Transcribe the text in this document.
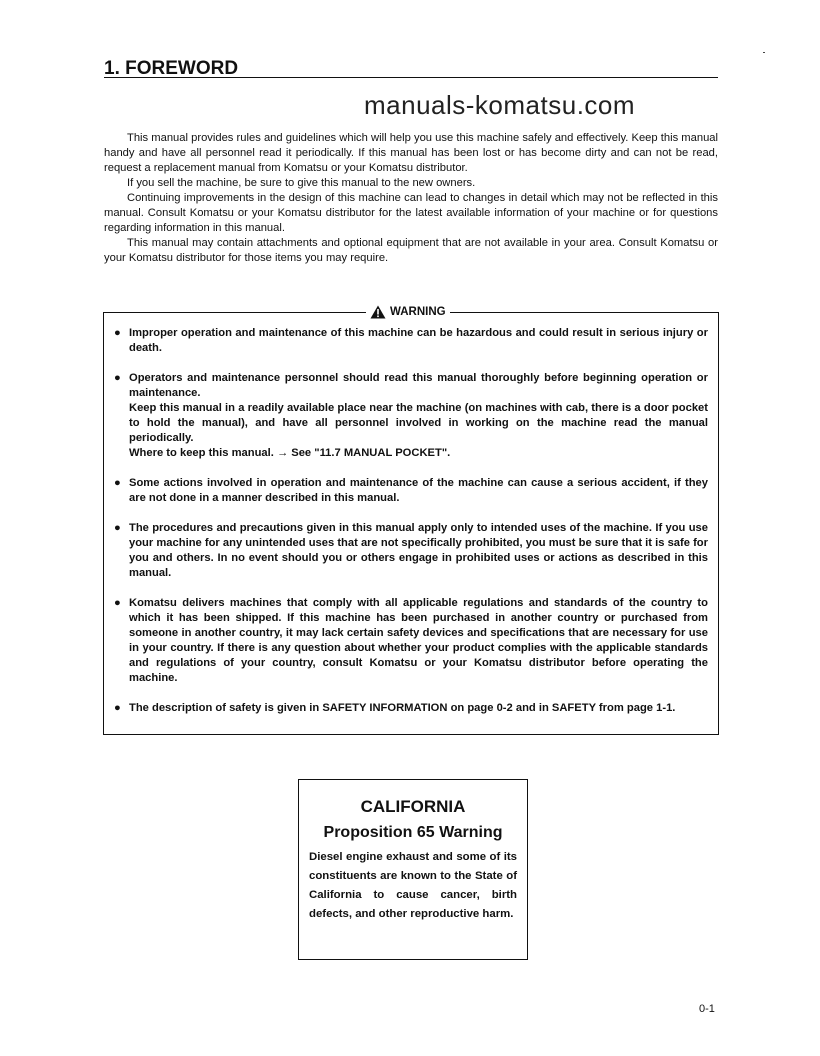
1. FOREWORD
manuals-komatsu.com

This manual provides rules and guidelines which will help you use this machine safely and effectively. Keep this manual handy and have all personnel read it periodically. If this manual has been lost or has become dirty and can not be read, request a replacement manual from Komatsu or your Komatsu distributor.

If you sell the machine, be sure to give this manual to the new owners.

Continuing improvements in the design of this machine can lead to changes in detail which may not be reflected in this manual. Consult Komatsu or your Komatsu distributor for the latest available information of your machine or for questions regarding information in this manual.

This manual may contain attachments and optional equipment that are not available in your area. Consult Komatsu or your Komatsu distributor for those items you may require.

WARNING
● Improper operation and maintenance of this machine can be hazardous and could result in serious injury or death.
● Operators and maintenance personnel should read this manual thoroughly before beginning operation or maintenance.
Keep this manual in a readily available place near the machine (on machines with cab, there is a door pocket to hold the manual), and have all personnel involved in working on the machine read the manual periodically.
Where to keep this manual. → See "11.7 MANUAL POCKET".
● Some actions involved in operation and maintenance of the machine can cause a serious accident, if they are not done in a manner described in this manual.
● The procedures and precautions given in this manual apply only to intended uses of the machine. If you use your machine for any unintended uses that are not specifically prohibited, you must be sure that it is safe for you and others. In no event should you or others engage in prohibited uses or actions as described in this manual.
● Komatsu delivers machines that comply with all applicable regulations and standards of the country to which it has been shipped. If this machine has been purchased in another country or purchased from someone in another country, it may lack certain safety devices and specifications that are necessary for use in your country. If there is any question about whether your product complies with the applicable standards and regulations of your country, consult Komatsu or your Komatsu distributor before operating the machine.
● The description of safety is given in SAFETY INFORMATION on page 0-2 and in SAFETY from page 1-1.
CALIFORNIA
Proposition 65 Warning
Diesel engine exhaust and some of its constituents are known to the State of California to cause cancer, birth defects, and other reproductive harm.
0-1
